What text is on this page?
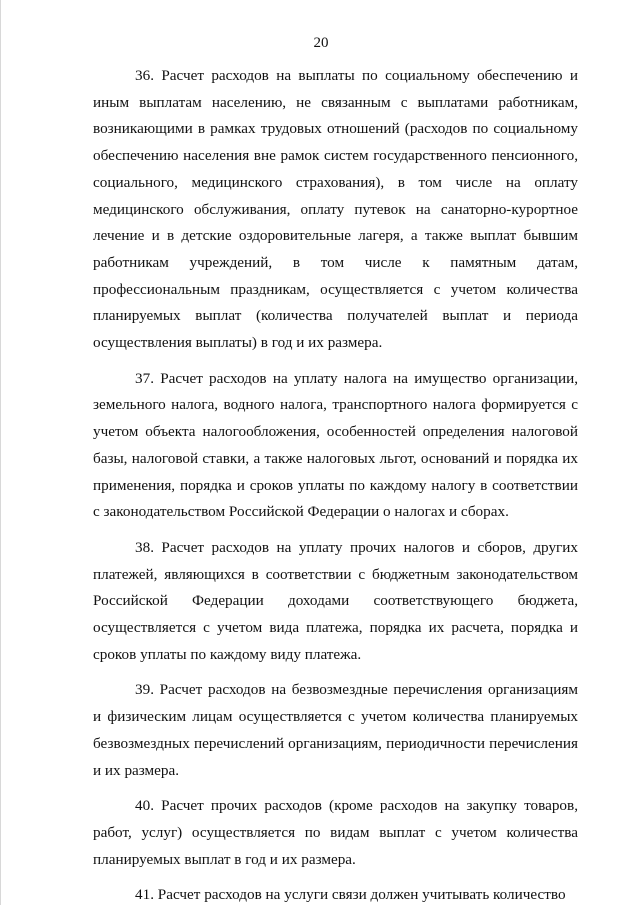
20

36. Расчет расходов на выплаты по социальному обеспечению и иным выплатам населению, не связанным с выплатами работникам, возникающими в рамках трудовых отношений (расходов по социальному обеспечению населения вне рамок систем государственного пенсионного, социального, медицинского страхования), в том числе на оплату медицинского обслуживания, оплату путевок на санаторно-курортное лечение и в детские оздоровительные лагеря, а также выплат бывшим работникам учреждений, в том числе к памятным датам, профессиональным праздникам, осуществляется с учетом количества планируемых выплат (количества получателей выплат и периода осуществления выплаты) в год и их размера.

37. Расчет расходов на уплату налога на имущество организации, земельного налога, водного налога, транспортного налога формируется с учетом объекта налогообложения, особенностей определения налоговой базы, налоговой ставки, а также налоговых льгот, оснований и порядка их применения, порядка и сроков уплаты по каждому налогу в соответствии с законодательством Российской Федерации о налогах и сборах.

38. Расчет расходов на уплату прочих налогов и сборов, других платежей, являющихся в соответствии с бюджетным законодательством Российской Федерации доходами соответствующего бюджета, осуществляется с учетом вида платежа, порядка их расчета, порядка и сроков уплаты по каждому виду платежа.

39. Расчет расходов на безвозмездные перечисления организациям и физическим лицам осуществляется с учетом количества планируемых безвозмездных перечислений организациям, периодичности перечисления и их размера.

40. Расчет прочих расходов (кроме расходов на закупку товаров, работ, услуг) осуществляется по видам выплат с учетом количества планируемых выплат в год и их размера.

41. Расчет расходов на услуги связи должен учитывать количество
